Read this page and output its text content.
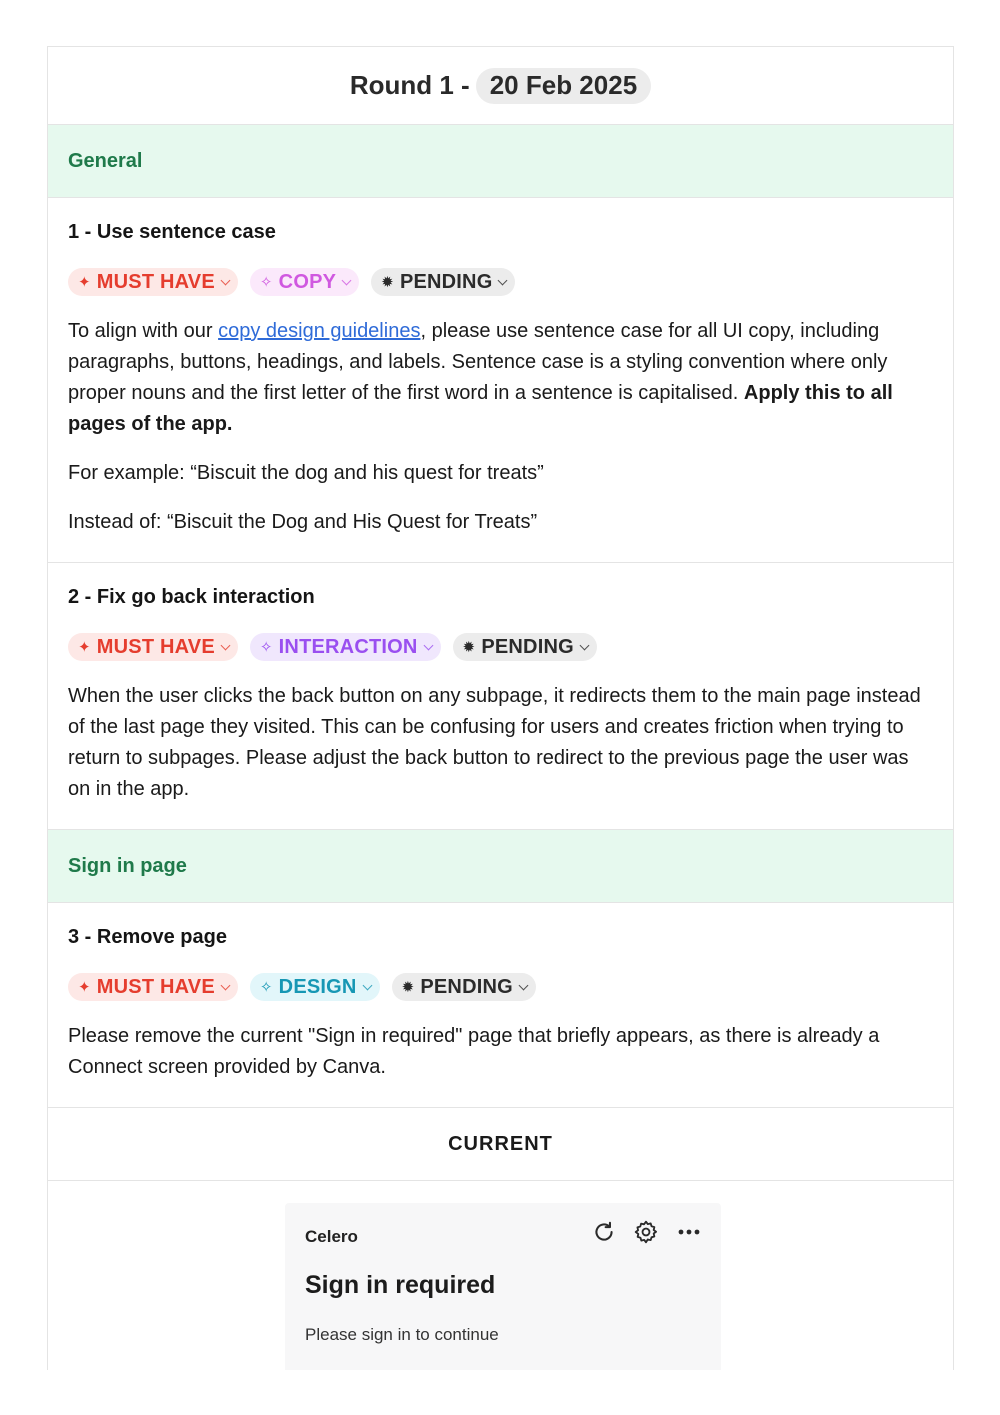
Round 1 - 20 Feb 2025
General
1 - Use sentence case
✦ MUST HAVE	✧ COPY	✹ PENDING

To align with our copy design guidelines, please use sentence case for all UI copy, including paragraphs, buttons, headings, and labels. Sentence case is a styling convention where only proper nouns and the first letter of the first word in a sentence is capitalised. Apply this to all pages of the app.

For example: “Biscuit the dog and his quest for treats”

Instead of: “Biscuit the Dog and His Quest for Treats”

2 - Fix go back interaction
✦ MUST HAVE	✧ INTERACTION	✹ PENDING

When the user clicks the back button on any subpage, it redirects them to the main page instead of the last page they visited. This can be confusing for users and creates friction when trying to return to subpages. Please adjust the back button to redirect to the previous page the user was on in the app.

Sign in page
3 - Remove page
✦ MUST HAVE	✧ DESIGN	✹ PENDING

Please remove the current "Sign in required" page that briefly appears, as there is already a Connect screen provided by Canva.

CURRENT
Celero
Sign in required
Please sign in to continue
